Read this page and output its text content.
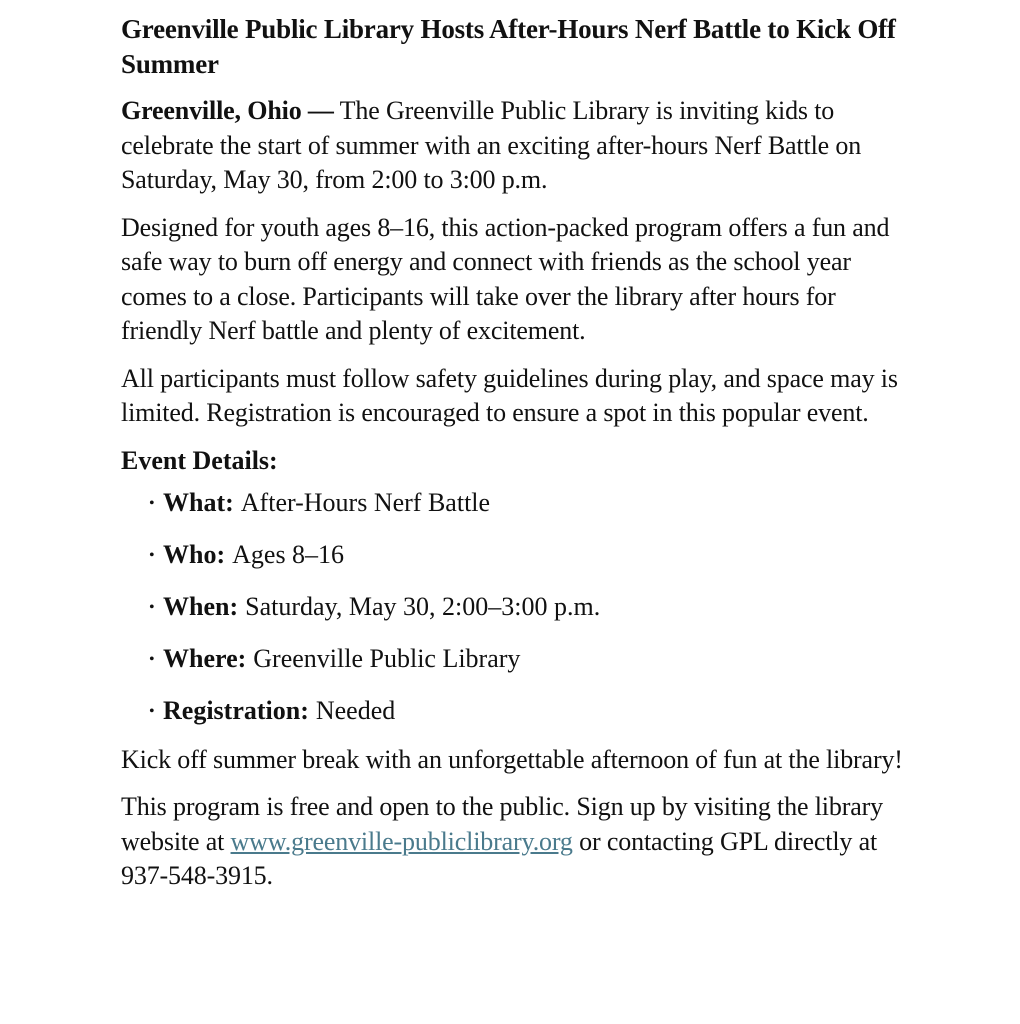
Greenville Public Library Hosts After-Hours Nerf Battle to Kick Off Summer

Greenville, Ohio — The Greenville Public Library is inviting kids to celebrate the start of summer with an exciting after-hours Nerf Battle on Saturday, May 30, from 2:00 to 3:00 p.m.

Designed for youth ages 8–16, this action-packed program offers a fun and safe way to burn off energy and connect with friends as the school year comes to a close. Participants will take over the library after hours for friendly Nerf battle and plenty of excitement.

All participants must follow safety guidelines during play, and space may is limited. Registration is encouraged to ensure a spot in this popular event.

Event Details:
• What: After-Hours Nerf Battle
• Who: Ages 8–16
• When: Saturday, May 30, 2:00–3:00 p.m.
• Where: Greenville Public Library
• Registration: Needed

Kick off summer break with an unforgettable afternoon of fun at the library!

This program is free and open to the public. Sign up by visiting the library website at www.greenville-publiclibrary.org or contacting GPL directly at 937-548-3915.
